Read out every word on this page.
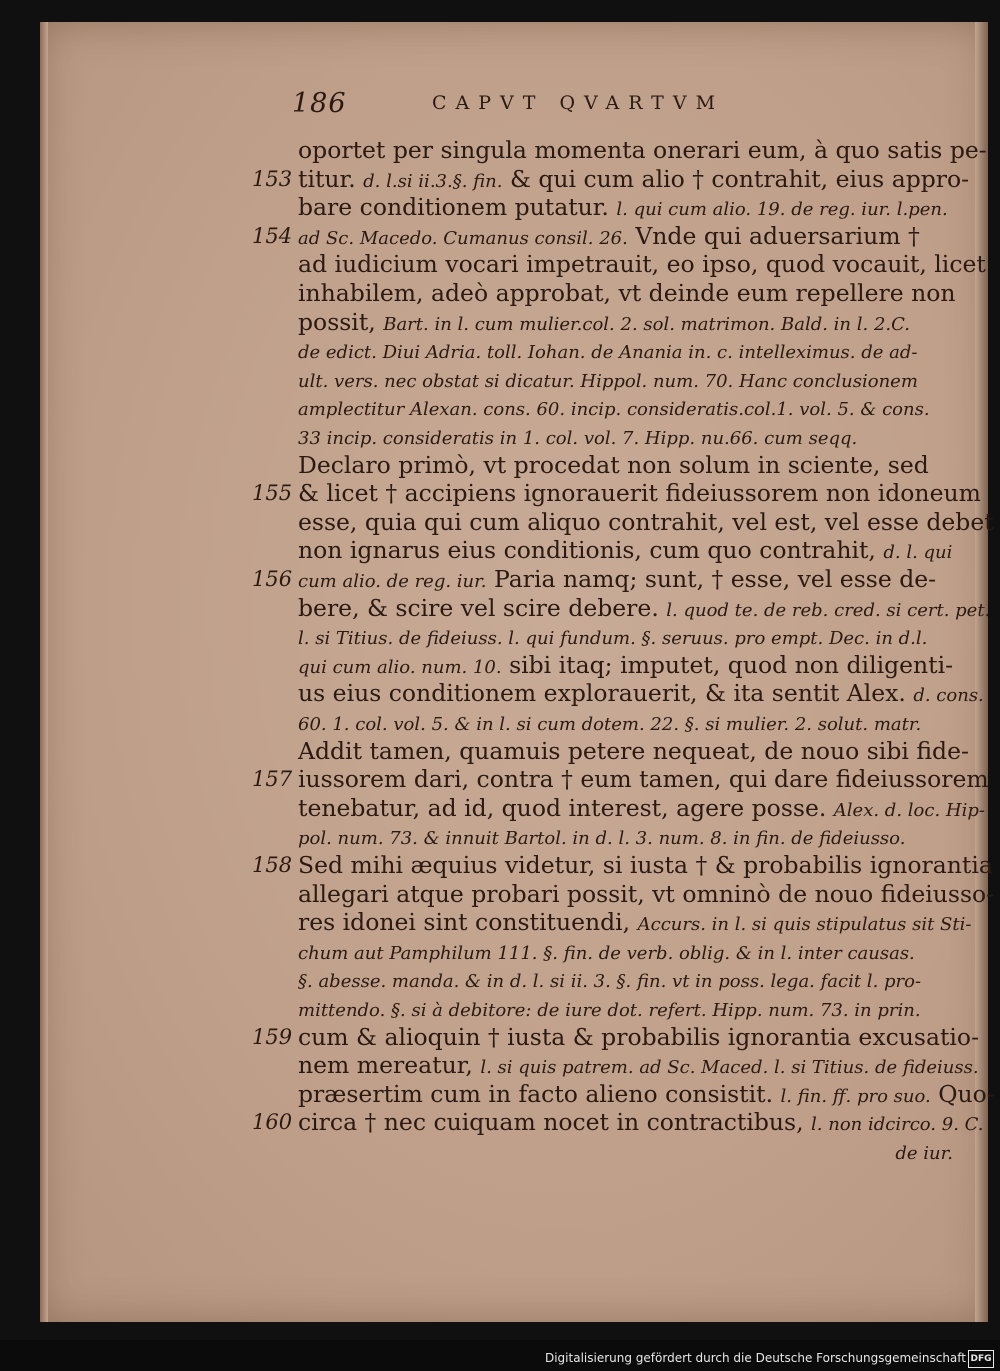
186	CAPVT QVARTVM
oportet per singula momenta onerari eum, à quo satis pe-
titur. d. l.si ii.3.§. fin. & qui cum alio † contrahit, eius appro-
bare conditionem putatur. l. qui cum alio. 19. de reg. iur. l.pen.
ad Sc. Macedo. Cumanus consil. 26. Vnde qui aduersarium †
ad iudicium vocari impetrauit, eo ipso, quod vocauit, licet
inhabilem, adeò approbat, vt deinde eum repellere non
possit, Bart. in l. cum mulier.col. 2. sol. matrimon. Bald. in l. 2.C.
de edict. Diui Adria. toll. Iohan. de Anania in. c. intelleximus. de ad-
ult. vers. nec obstat si dicatur. Hippol. num. 70. Hanc conclusionem
amplectitur Alexan. cons. 60. incip. consideratis.col.1. vol. 5. & cons.
33 incip. consideratis in 1. col. vol. 7. Hipp. nu.66. cum seqq.
Declaro primò, vt procedat non solum in sciente, sed
& licet † accipiens ignorauerit fideiussorem non idoneum
esse, quia qui cum aliquo contrahit, vel est, vel esse debet
non ignarus eius conditionis, cum quo contrahit, d. l. qui
cum alio. de reg. iur. Paria namq; sunt, † esse, vel esse de-
bere, & scire vel scire debere. l. quod te. de reb. cred. si cert. pet.
l. si Titius. de fideiuss. l. qui fundum. §. seruus. pro empt. Dec. in d.l.
qui cum alio. num. 10. sibi itaq; imputet, quod non diligenti-
us eius conditionem explorauerit, & ita sentit Alex. d. cons.
60. 1. col. vol. 5. & in l. si cum dotem. 22. §. si mulier. 2. solut. matr.
Addit tamen, quamuis petere nequeat, de nouo sibi fide-
iussorem dari, contra † eum tamen, qui dare fideiussorem
tenebatur, ad id, quod interest, agere posse. Alex. d. loc. Hip-
pol. num. 73. & innuit Bartol. in d. l. 3. num. 8. in fin. de fideiusso.
Sed mihi æquius videtur, si iusta † & probabilis ignorantia
allegari atque probari possit, vt omninò de nouo fideiusso-
res idonei sint constituendi, Accurs. in l. si quis stipulatus sit Sti-
chum aut Pamphilum 111. §. fin. de verb. oblig. & in l. inter causas.
§. abesse. manda. & in d. l. si ii. 3. §. fin. vt in poss. lega. facit l. pro-
mittendo. §. si à debitore: de iure dot. refert. Hipp. num. 73. in prin.
cum & alioquin † iusta & probabilis ignorantia excusatio-
nem mereatur, l. si quis patrem. ad Sc. Maced. l. si Titius. de fideiuss.
præsertim cum in facto alieno consistit. l. fin. ff. pro suo. Quo-
circa † nec cuiquam nocet in contractibus, l. non idcirco. 9. C.
de iur.
153
154
155
156
157
158
159
160
Digitalisierung gefördert durch die Deutsche Forschungsgemeinschaft DFG
